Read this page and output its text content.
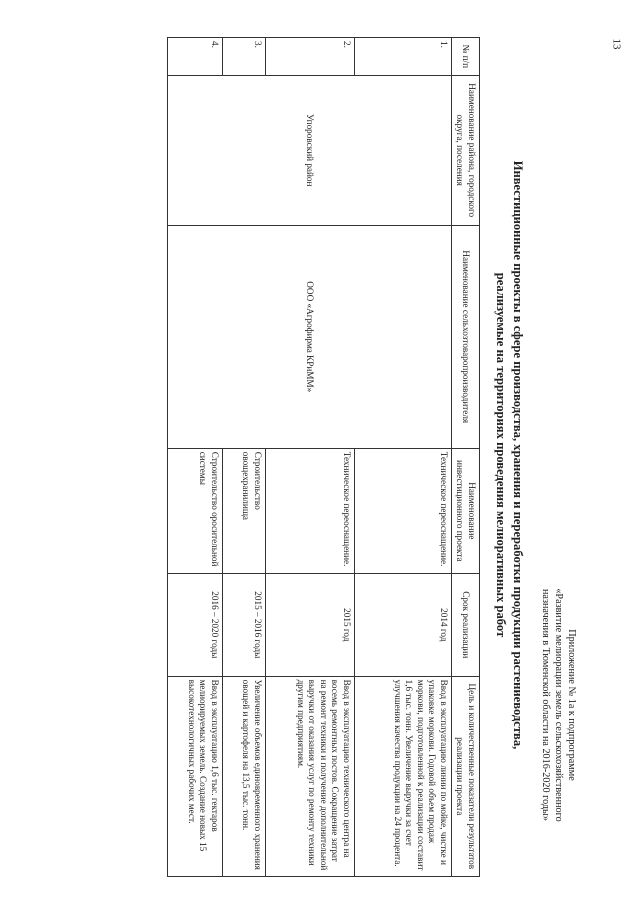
13
Приложение № 1а к подпрограмме
«Развитие мелиорации земель сельскохозяйственного
назначения в Тюменской области на 2016-2020 годы»
Инвестиционные проекты в сфере производства, хранения и переработки продукции растениеводства,
реализуемые на территориях проведения мелиоративных работ
№ п/п	Наименование района, городского округа, поселения	Наименование сельхозтоваропроизводителя	Наименование инвестиционного проекта	Срок реализации	Цель и количественные показатели результатов реализации проекта
1.	Упоровский район	ООО «Агрофирма КРиММ»	Техническое переоснащение.	2014 год	Ввод в эксплуатацию линии по мойке, чистке и упаковке моркови. Годовой объем продаж моркови, подготовленной к реализации составит 1,6 тыс. тонн. Увеличение выручки за счет улучшения качества продукции на 24 процента.
2.			Техническое переоснащение.	2015 год	Ввод в эксплуатацию технического центра на восемь ремонтных постов. Сокращение затрат на ремонт техники и получение дополнительной выручки от оказания услуг по ремонту техники другим предприятиям.
3.			Строительство овощехранилища	2015 – 2016 годы	Увеличение объемов единовременного хранения овощей и картофеля на 13,5 тыс. тонн.
4.			Строительство оросительной системы	2016 – 2020 годы	Ввод в эксплуатацию 1,6 тыс. гектаров мелиорируемых земель. Создание новых 15 высокотехнологичных рабочих мест.
